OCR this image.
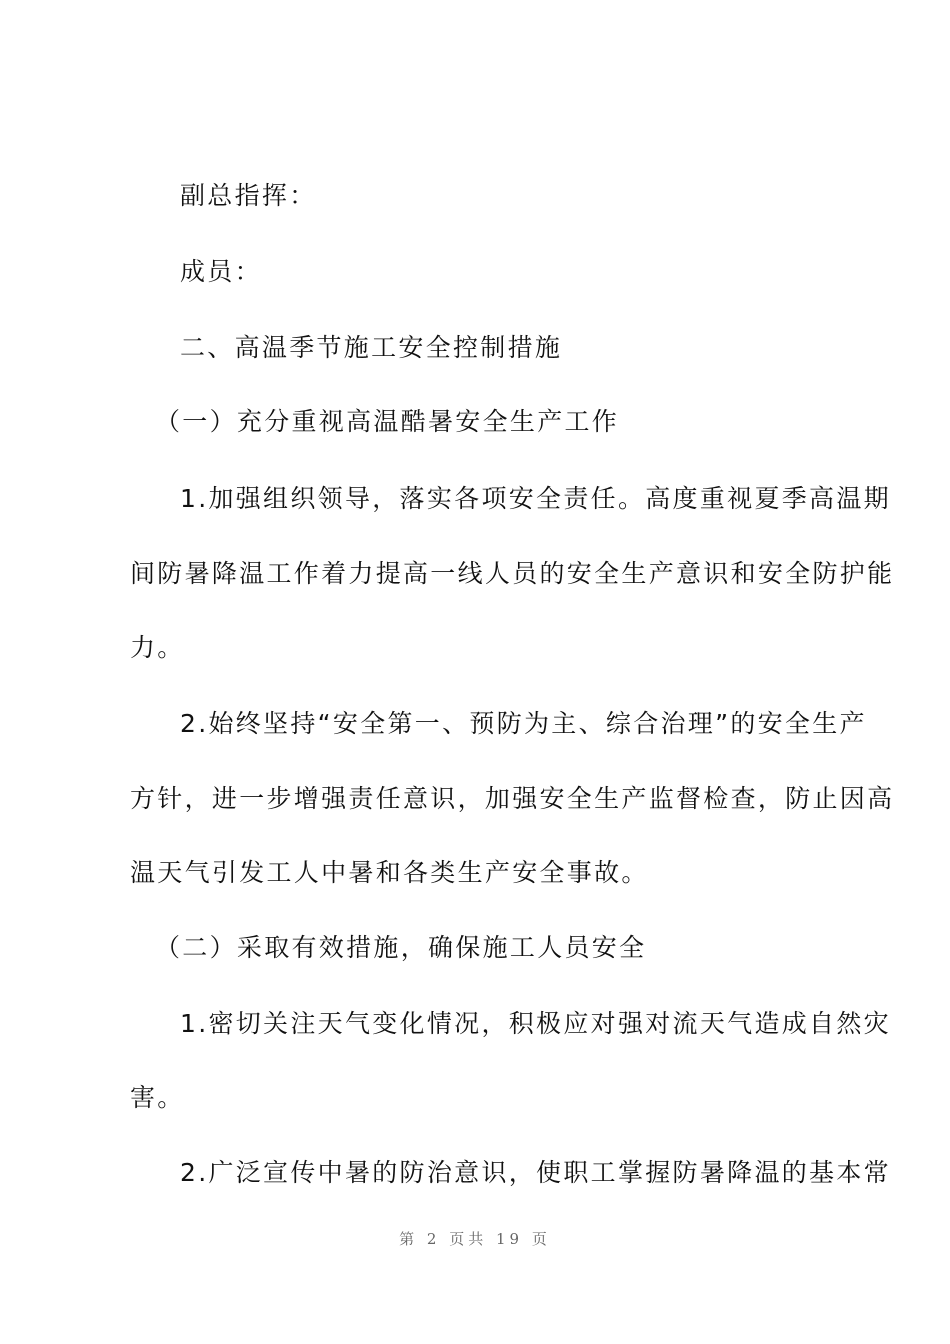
副总指挥：
成员：
二、高温季节施工安全控制措施
（一）充分重视高温酷暑安全生产工作
1.加强组织领导，落实各项安全责任。高度重视夏季高温期
间防暑降温工作着力提高一线人员的安全生产意识和安全防护能
力。
2.始终坚持“安全第一、预防为主、综合治理”的安全生产
方针，进一步增强责任意识，加强安全生产监督检查，防止因高
温天气引发工人中暑和各类生产安全事故。
（二）采取有效措施，确保施工人员安全
1.密切关注天气变化情况，积极应对强对流天气造成自然灾
害。
2.广泛宣传中暑的防治意识，使职工掌握防暑降温的基本常
第 2 页共 19 页
